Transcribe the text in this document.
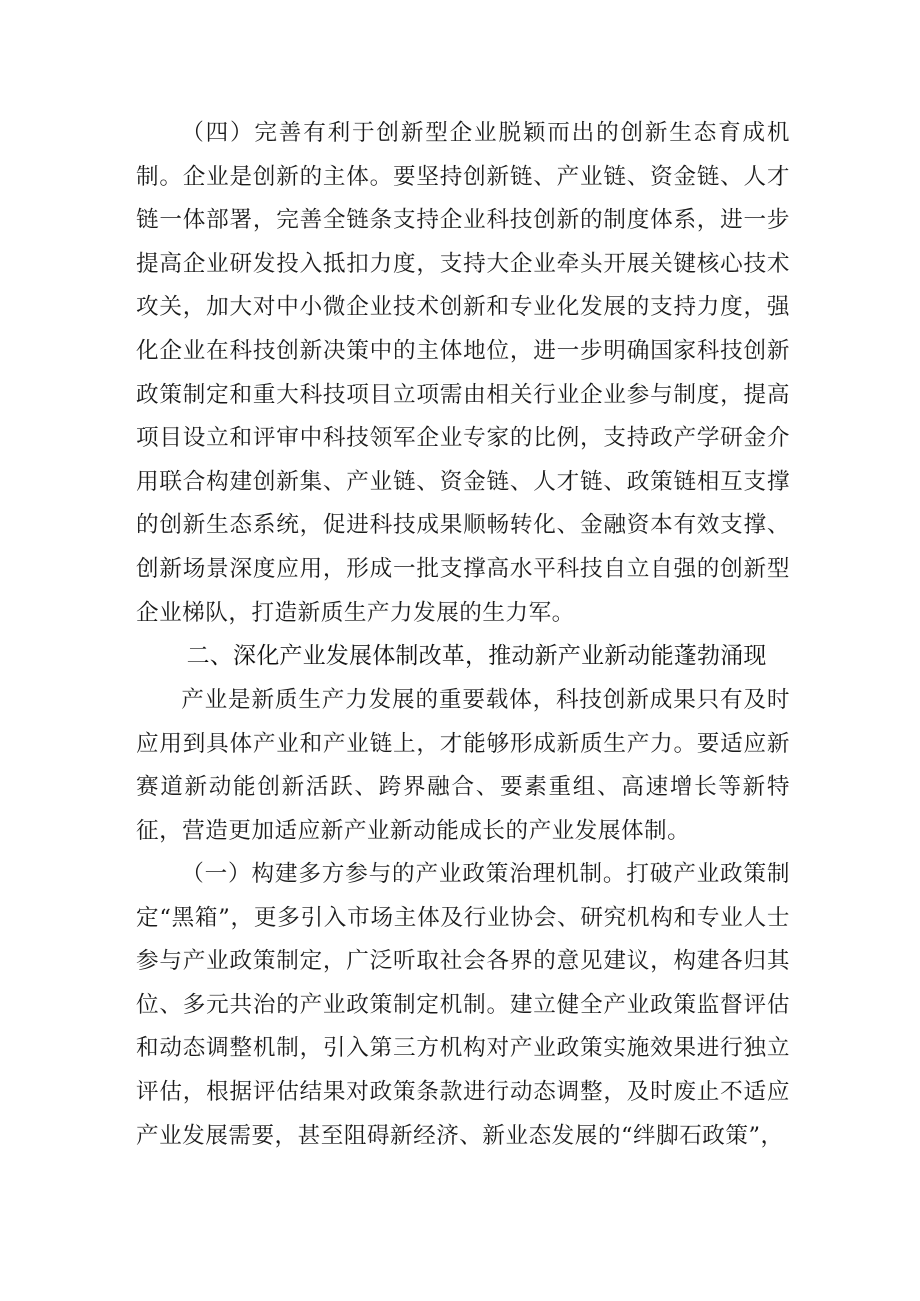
（四）完善有利于创新型企业脱颖而出的创新生态育成机制。企业是创新的主体。要坚持创新链、产业链、资金链、人才链一体部署，完善全链条支持企业科技创新的制度体系，进一步提高企业研发投入抵扣力度，支持大企业牵头开展关键核心技术攻关，加大对中小微企业技术创新和专业化发展的支持力度，强化企业在科技创新决策中的主体地位，进一步明确国家科技创新政策制定和重大科技项目立项需由相关行业企业参与制度，提高项目设立和评审中科技领军企业专家的比例，支持政产学研金介用联合构建创新集、产业链、资金链、人才链、政策链相互支撑的创新生态系统，促进科技成果顺畅转化、金融资本有效支撑、创新场景深度应用，形成一批支撑高水平科技自立自强的创新型企业梯队，打造新质生产力发展的生力军。

二、深化产业发展体制改革，推动新产业新动能蓬勃涌现

产业是新质生产力发展的重要载体，科技创新成果只有及时应用到具体产业和产业链上，才能够形成新质生产力。要适应新赛道新动能创新活跃、跨界融合、要素重组、高速增长等新特征，营造更加适应新产业新动能成长的产业发展体制。

（一）构建多方参与的产业政策治理机制。打破产业政策制定“黑箱”，更多引入市场主体及行业协会、研究机构和专业人士参与产业政策制定，广泛听取社会各界的意见建议，构建各归其位、多元共治的产业政策制定机制。建立健全产业政策监督评估和动态调整机制，引入第三方机构对产业政策实施效果进行独立评估，根据评估结果对政策条款进行动态调整，及时废止不适应产业发展需要，甚至阻碍新经济、新业态发展的“绊脚石政策”，
